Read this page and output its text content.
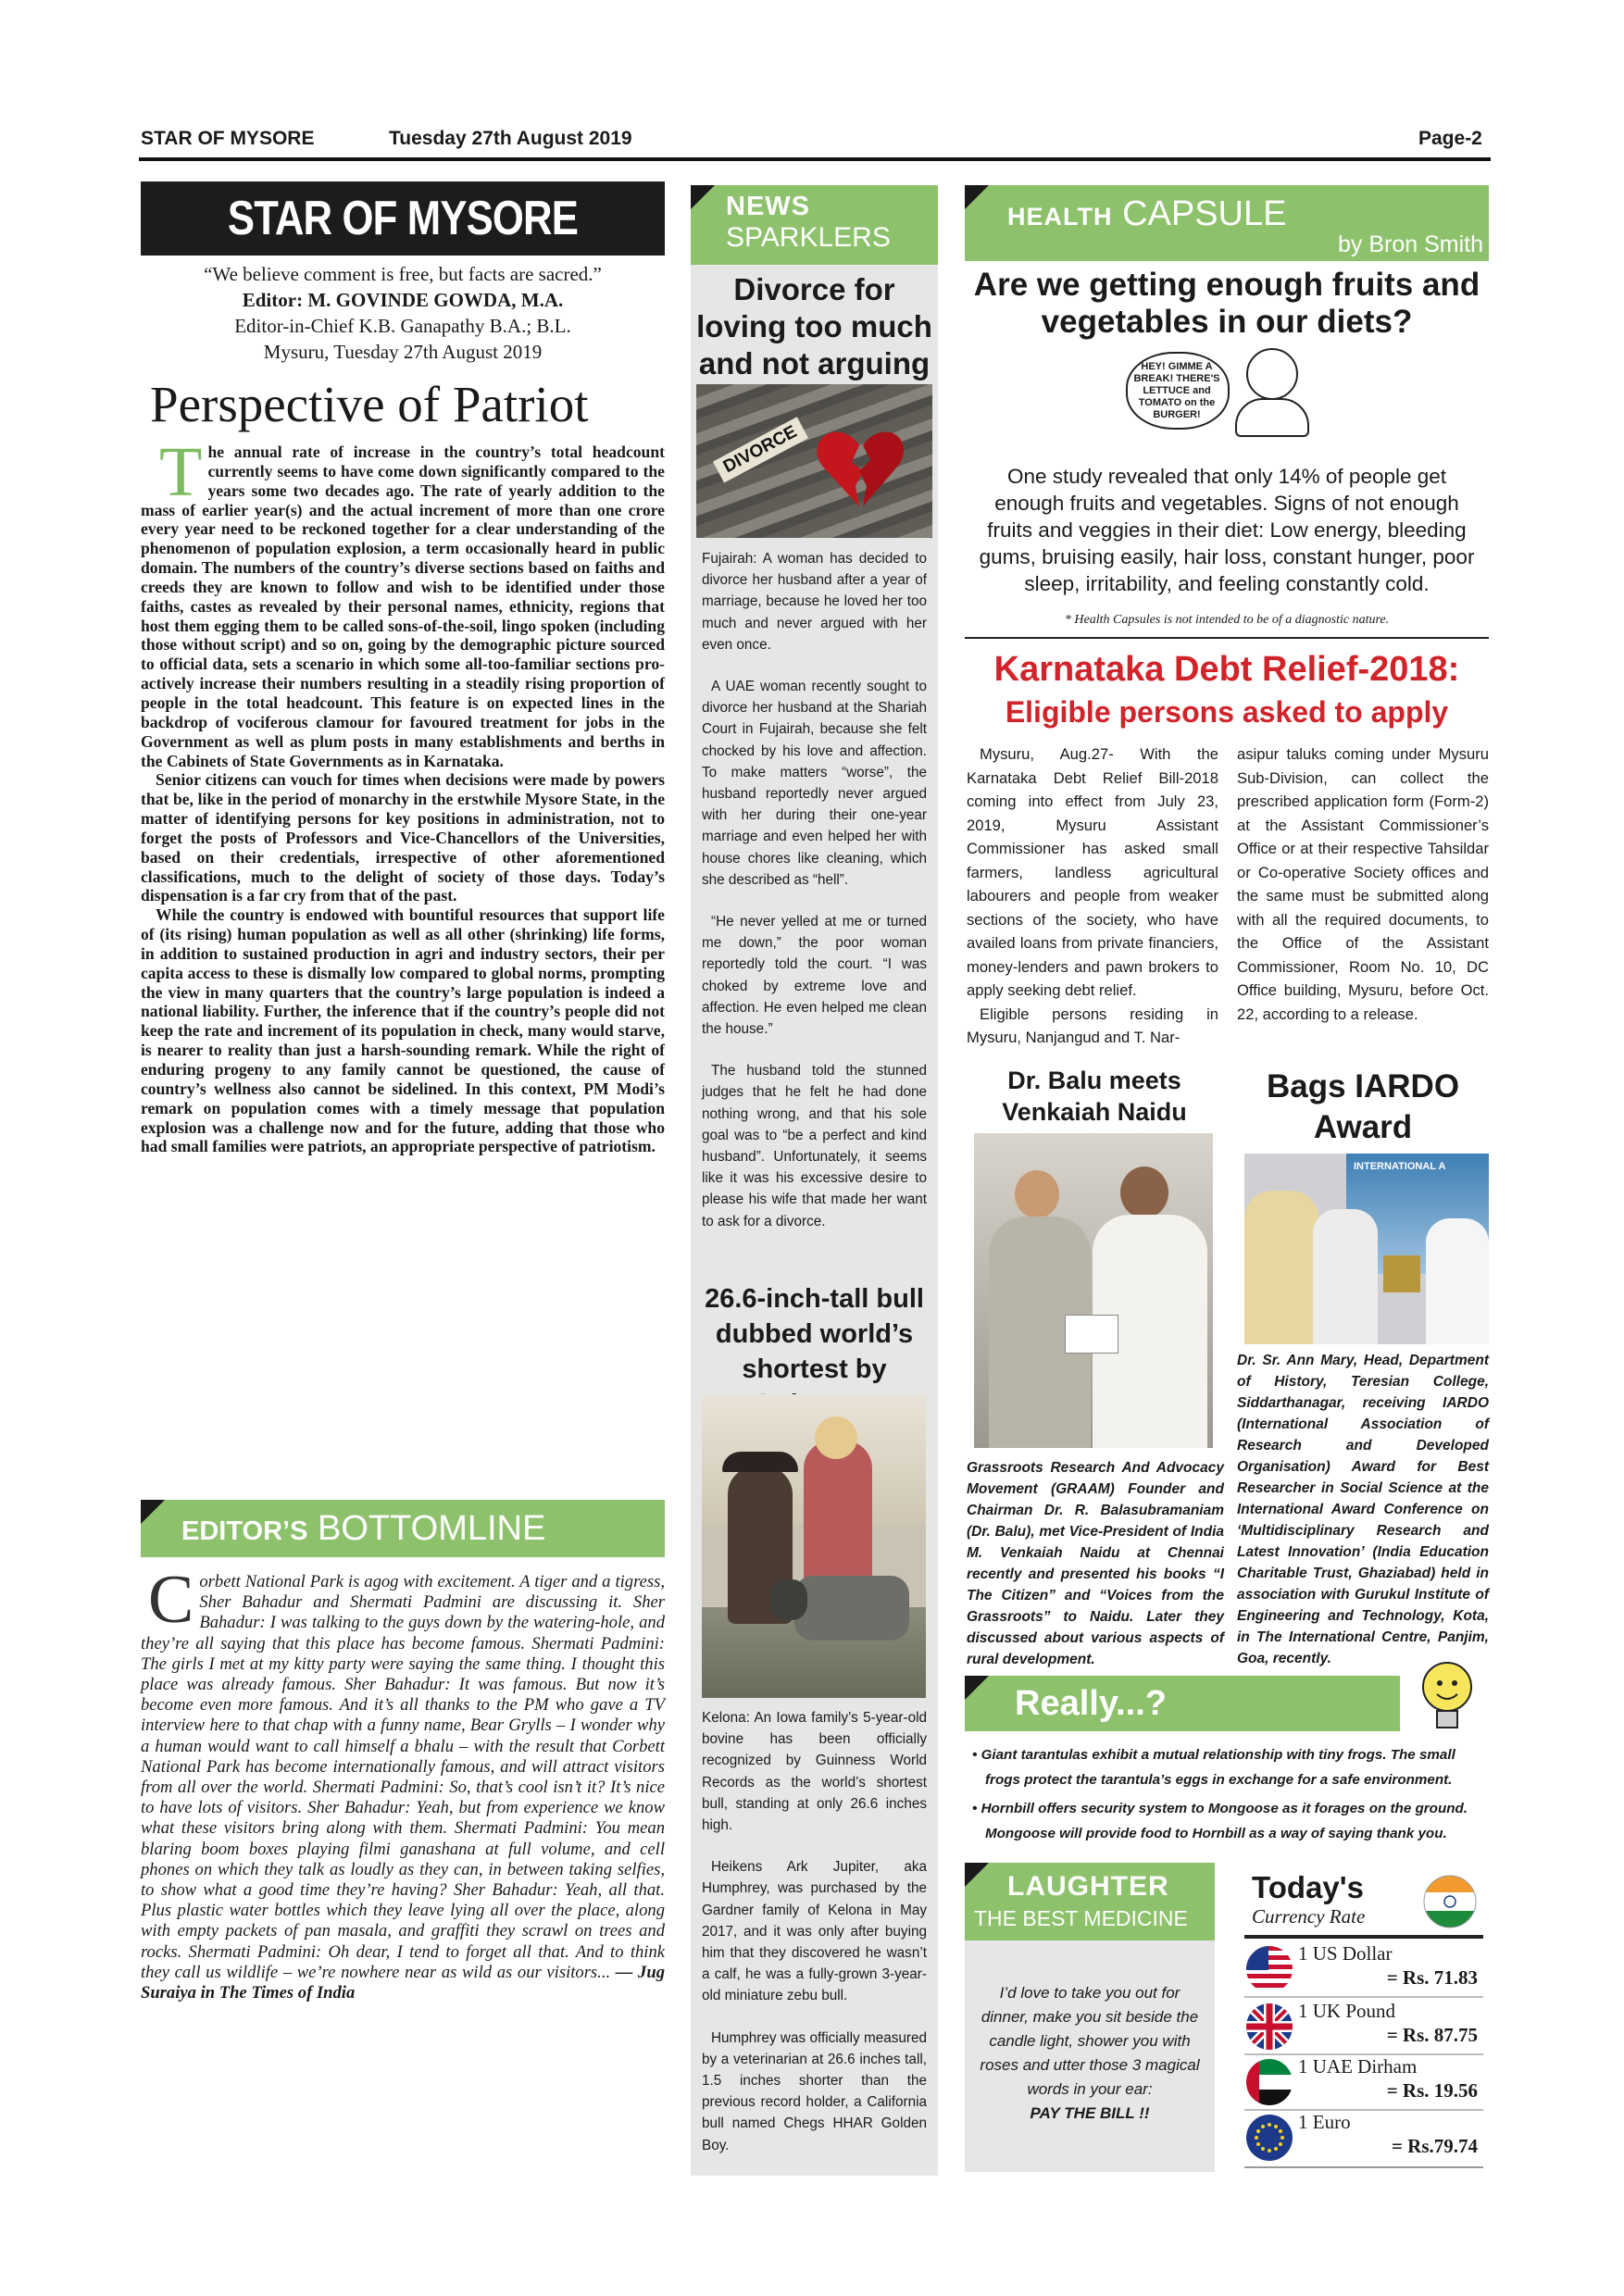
STAR OF MYSORE	Tuesday 27th August 2019	Page-2
STAR OF MYSORE
“We believe comment is free, but facts are sacred.”
Editor: M. GOVINDE GOWDA, M.A.
Editor-in-Chief K.B. Ganapathy B.A.; B.L.
Mysuru, Tuesday 27th August 2019
Perspective of Patriot
T he annual rate of increase in the country’s total headcount currently seems to have come down significantly compared to the years some two decades ago. The rate of yearly addition to the mass of earlier year(s) and the actual increment of more than one crore every year need to be reckoned together for a clear understanding of the phenomenon of population explosion, a term occasionally heard in public domain. The numbers of the country’s diverse sections based on faiths and creeds they are known to follow and wish to be identified under those faiths, castes as revealed by their personal names, ethnicity, regions that host them egging them to be called sons-of-the-soil, lingo spoken (including those without script) and so on, going by the demographic picture sourced to official data, sets a scenario in which some all-too-familiar sections pro-actively increase their numbers resulting in a steadily rising proportion of people in the total headcount. This feature is on expected lines in the backdrop of vociferous clamour for favoured treatment for jobs in the Government as well as plum posts in many establishments and berths in the Cabinets of State Governments as in Karnataka.
Senior citizens can vouch for times when decisions were made by powers that be, like in the period of monarchy in the erstwhile Mysore State, in the matter of identifying persons for key positions in administration, not to forget the posts of Professors and Vice-Chancellors of the Universities, based on their credentials, irrespective of other aforementioned classifications, much to the delight of society of those days. Today’s dispensation is a far cry from that of the past.
While the country is endowed with bountiful resources that support life of (its rising) human population as well as all other (shrinking) life forms, in addition to sustained production in agri and industry sectors, their per capita access to these is dismally low compared to global norms, prompting the view in many quarters that the country’s large population is indeed a national liability. Further, the inference that if the country’s people did not keep the rate and increment of its population in check, many would starve, is nearer to reality than just a harsh-sounding remark. While the right of enduring progeny to any family cannot be questioned, the cause of country’s wellness also cannot be sidelined. In this context, PM Modi’s remark on population comes with a timely message that population explosion was a challenge now and for the future, adding that those who had small families were patriots, an appropriate perspective of patriotism.
EDITOR’S BOTTOMLINE
C orbett National Park is agog with excitement. A tiger and a tigress, Sher Bahadur and Shermati Padmini are discussing it. Sher Bahadur: I was talking to the guys down by the watering-hole, and they’re all saying that this place has become famous. Shermati Padmini: The girls I met at my kitty party were saying the same thing. I thought this place was already famous. Sher Bahadur: It was famous. But now it’s become even more famous. And it’s all thanks to the PM who gave a TV interview here to that chap with a funny name, Bear Grylls – I wonder why a human would want to call himself a bhalu – with the result that Corbett National Park has become internationally famous, and will attract visitors from all over the world. Shermati Padmini: So, that’s cool isn’t it? It’s nice to have lots of visitors. Sher Bahadur: Yeah, but from experience we know what these visitors bring along with them. Shermati Padmini: You mean blaring boom boxes playing filmi ganashana at full volume, and cell phones on which they talk as loudly as they can, in between taking selfies, to show what a good time they’re having? Sher Bahadur: Yeah, all that. Plus plastic water bottles which they leave lying all over the place, along with empty packets of pan masala, and graffiti they scrawl on trees and rocks. Shermati Padmini: Oh dear, I tend to forget all that. And to think they call us wildlife – we’re nowhere near as wild as our visitors... — Jug Suraiya in The Times of India
NEWS
SPARKLERS
Divorce for loving too much and not arguing
DIVORCE
Fujairah: A woman has decided to divorce her husband after a year of marriage, because he loved her too much and never argued with her even once.
A UAE woman recently sought to divorce her husband at the Shariah Court in Fujairah, because she felt chocked by his love and affection. To make matters “worse”, the husband reportedly never argued with her during their one-year marriage and even helped her with house chores like cleaning, which she described as “hell”.
“He never yelled at me or turned me down,” the poor woman reportedly told the court. “I was choked by extreme love and affection. He even helped me clean the house.”
The husband told the stunned judges that he felt he had done nothing wrong, and that his sole goal was to “be a perfect and kind husband”. Unfortunately, it seems like it was his excessive desire to please his wife that made her want to ask for a divorce.
26.6-inch-tall bull dubbed world’s shortest by
Kelona: An Iowa family’s 5-year-old bovine has been officially recognized by Guinness World Records as the world’s shortest bull, standing at only 26.6 inches high.
Heikens Ark Jupiter, aka Humphrey, was purchased by the Gardner family of Kelona in May 2017, and it was only after buying him that they discovered he wasn’t a calf, he was a fully-grown 3-year-old miniature zebu bull.
Humphrey was officially measured by a veterinarian at 26.6 inches tall, 1.5 inches shorter than the previous record holder, a California bull named Chegs HHAR Golden Boy.
HEALTH CAPSULE
by Bron Smith
Are we getting enough fruits and vegetables in our diets?
HEY! GIMME A BREAK! THERE'S LETTUCE and TOMATO on the BURGER!
One study revealed that only 14% of people get enough fruits and vegetables. Signs of not enough fruits and veggies in their diet: Low energy, bleeding gums, bruising easily, hair loss, constant hunger, poor sleep, irritability, and feeling constantly cold.
* Health Capsules is not intended to be of a diagnostic nature.
Karnataka Debt Relief-2018:
Eligible persons asked to apply
Mysuru, Aug.27- With the Karnataka Debt Relief Bill-2018 coming into effect from July 23, 2019, Mysuru Assistant Commissioner has asked small farmers, landless agricultural labourers and people from weaker sections of the society, who have availed loans from private financiers, money-lenders and pawn brokers to apply seeking debt relief.
Eligible persons residing in Mysuru, Nanjangud and T. Nar-
asipur taluks coming under Mysuru Sub-Division, can collect the prescribed application form (Form-2) at the Assistant Commissioner’s Office or at their respective Tahsildar or Co-operative Society offices and the same must be submitted along with all the required documents, to the Office of the Assistant Commissioner, Room No. 10, DC Office building, Mysuru, before Oct. 22, according to a release.
Dr. Balu meets Venkaiah Naidu
Grassroots Research And Advocacy Movement (GRAAM) Founder and Chairman Dr. R. Balasubramaniam (Dr. Balu), met Vice-President of India M. Venkaiah Naidu at Chennai recently and presented his books “I The Citizen” and “Voices from the Grassroots” to Naidu. Later they discussed about various aspects of rural development.
Bags IARDO Award
INTERNATIONAL A
Dr. Sr. Ann Mary, Head, Department of History, Teresian College, Siddarthanagar, receiving IARDO (International Association of Research and Developed Organisation) Award for Best Researcher in Social Science at the International Award Conference on ‘Multidisciplinary Research and Latest Innovation’ (India Education Charitable Trust, Ghaziabad) held in association with Gurukul Institute of Engineering and Technology, Kota, in The International Centre, Panjim, Goa, recently.
Really...?
• Giant tarantulas exhibit a mutual relationship with tiny frogs. The small frogs protect the tarantula’s eggs in exchange for a safe environment.
• Hornbill offers security system to Mongoose as it forages on the ground. Mongoose will provide food to Hornbill as a way of saying thank you.
LAUGHTER
THE BEST MEDICINE
I’d love to take you out for dinner, make you sit beside the candle light, shower you with roses and utter those 3 magical words in your ear:
PAY THE BILL !!
Today's
Currency Rate
1 US Dollar
= Rs. 71.83
1 UK Pound
= Rs. 87.75
1 UAE Dirham
= Rs. 19.56
1 Euro
= Rs.79.74
